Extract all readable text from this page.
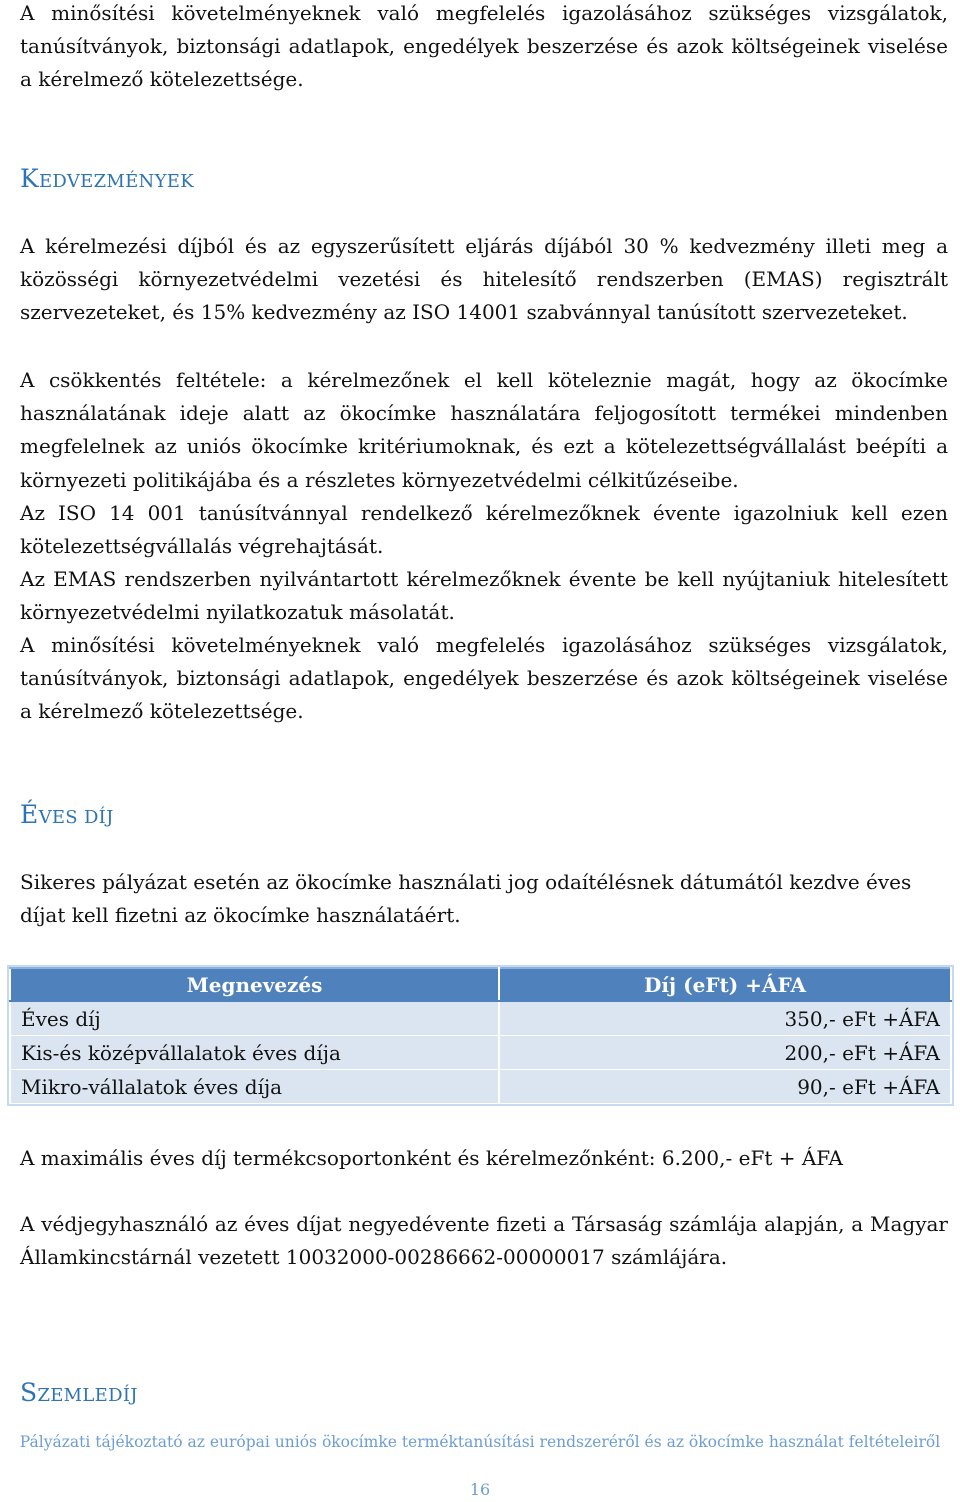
A minősítési követelményeknek való megfelelés igazolásához szükséges vizsgálatok, tanúsítványok, biztonsági adatlapok, engedélyek beszerzése és azok költségeinek viselése a kérelmező kötelezettsége.

KEDVEZMÉNYEK

A kérelmezési díjból és az egyszerűsített eljárás díjából 30 % kedvezmény illeti meg a közösségi környezetvédelmi vezetési és hitelesítő rendszerben (EMAS) regisztrált szervezeteket, és 15% kedvezmény az ISO 14001 szabvánnyal tanúsított szervezeteket.

A csökkentés feltétele: a kérelmezőnek el kell köteleznie magát, hogy az ökocímke használatának ideje alatt az ökocímke használatára feljogosított termékei mindenben megfelelnek az uniós ökocímke kritériumoknak, és ezt a kötelezettségvállalást beépíti a környezeti politikájába és a részletes környezetvédelmi célkitűzéseibe.

Az ISO 14 001 tanúsítvánnyal rendelkező kérelmezőknek évente igazolniuk kell ezen kötelezettségvállalás végrehajtását.

Az EMAS rendszerben nyilvántartott kérelmezőknek évente be kell nyújtaniuk hitelesített környezetvédelmi nyilatkozatuk másolatát.

A minősítési követelményeknek való megfelelés igazolásához szükséges vizsgálatok, tanúsítványok, biztonsági adatlapok, engedélyek beszerzése és azok költségeinek viselése a kérelmező kötelezettsége.

ÉVES DÍJ

Sikeres pályázat esetén az ökocímke használati jog odaítélésnek dátumától kezdve éves díjat kell fizetni az ökocímke használatáért.

Megnevezés	Díj (eFt) +ÁFA
Éves díj	350,- eFt +ÁFA
Kis-és középvállalatok éves díja	200,- eFt +ÁFA
Mikro-vállalatok éves díja	90,- eFt +ÁFA

A maximális éves díj termékcsoportonként és kérelmezőnként: 6.200,- eFt + ÁFA

A védjegyhasználó az éves díjat negyedévente fizeti a Társaság számlája alapján, a Magyar Államkincstárnál vezetett 10032000-00286662-00000017 számlájára.

SZEMLEDÍJ
Pályázati tájékoztató az európai uniós ökocímke terméktanúsítási rendszeréről és az ökocímke használat feltételeiről
16
